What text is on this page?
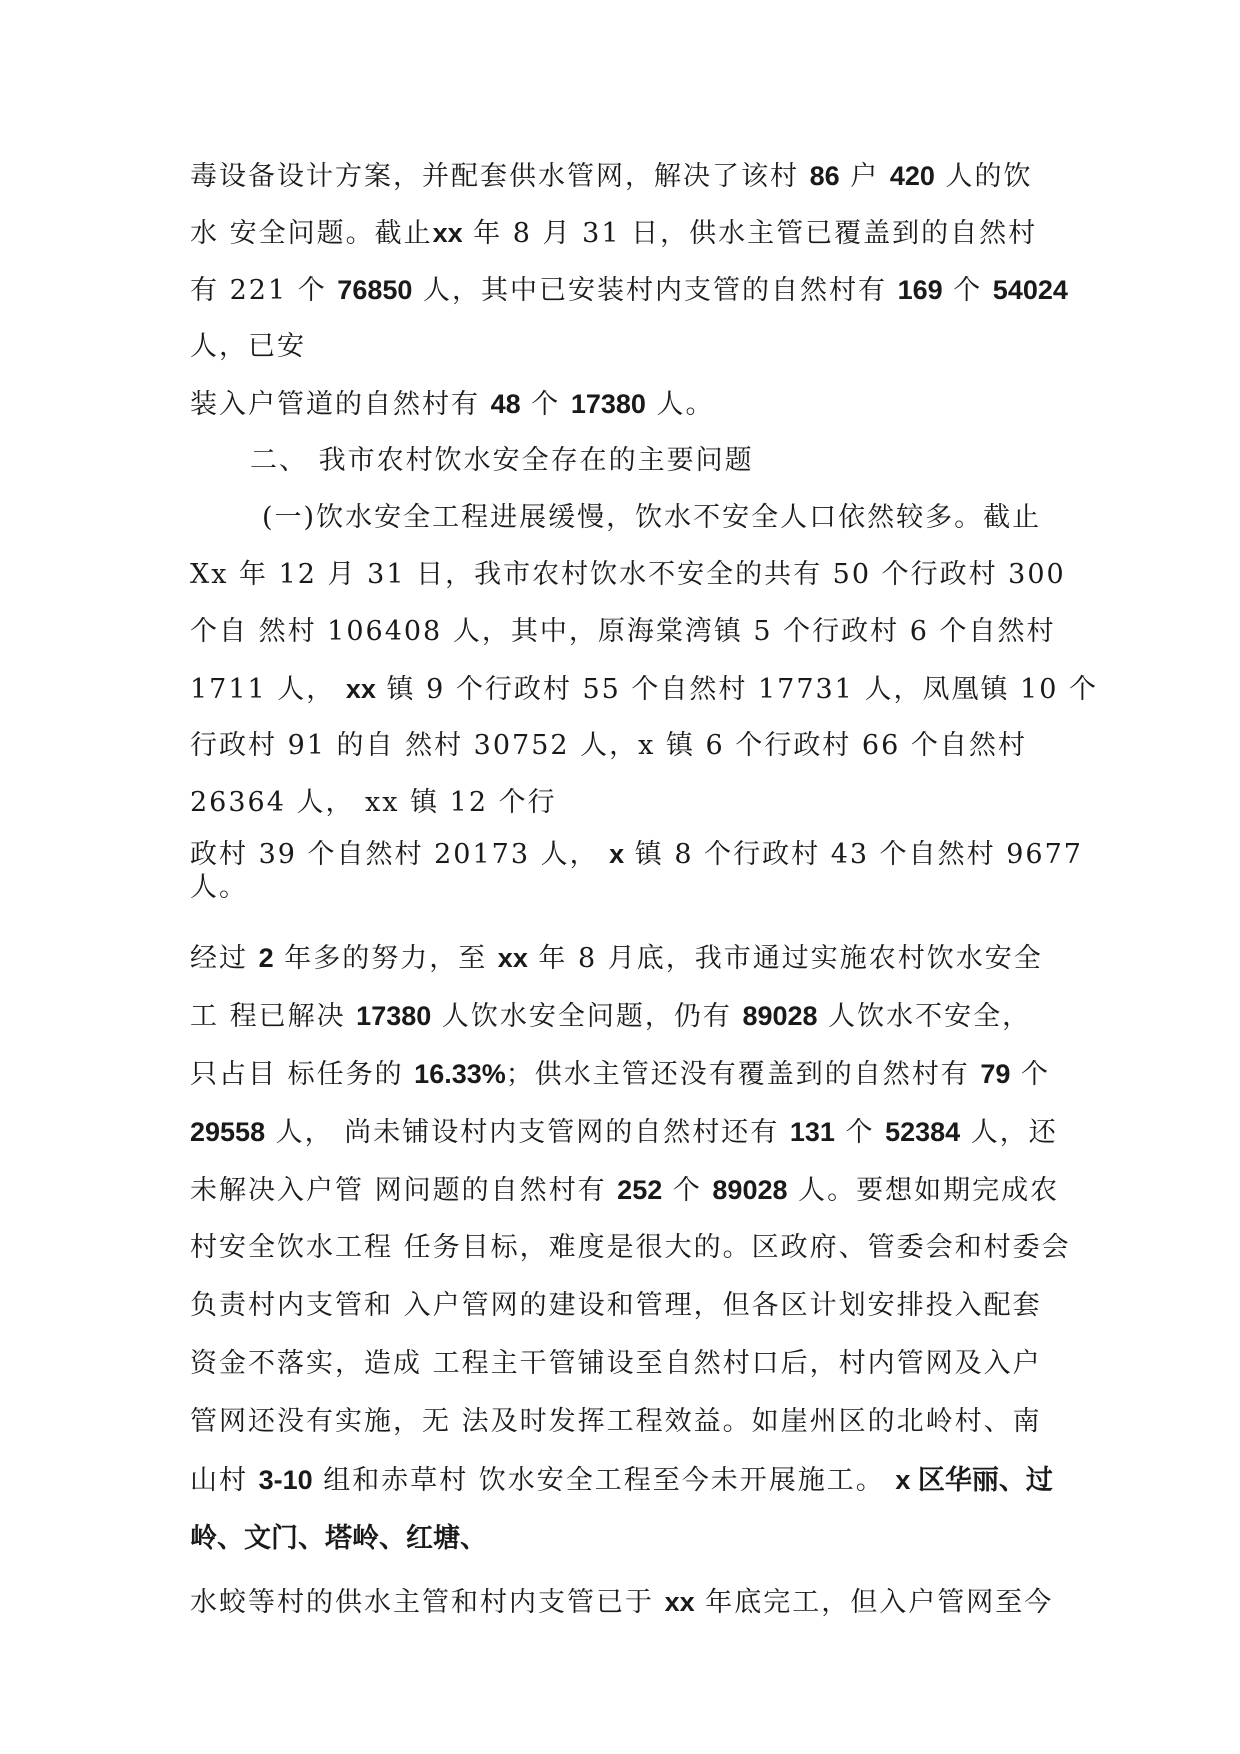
毒设备设计方案，并配套供水管网，解决了该村 86 户 420 人的饮
水 安全问题。截止xx 年 8 月 31 日，供水主管已覆盖到的自然村
有 221 个 76850 人，其中已安装村内支管的自然村有 169 个 54024
人，已安
装入户管道的自然村有 48 个 17380 人。
二、 我市农村饮水安全存在的主要问题
(一)饮水安全工程进展缓慢，饮水不安全人口依然较多。截止
Xx 年 12 月 31 日，我市农村饮水不安全的共有 50 个行政村 300
个自 然村 106408 人，其中，原海棠湾镇 5 个行政村 6 个自然村
1711 人， xx 镇 9 个行政村 55 个自然村 17731 人，凤凰镇 10 个
行政村 91 的自 然村 30752 人，x 镇 6 个行政村 66 个自然村
26364 人， xx 镇 12 个行
政村 39 个自然村 20173 人， x 镇 8 个行政村 43 个自然村 9677
人。
经过 2 年多的努力，至 xx 年 8 月底，我市通过实施农村饮水安全
工 程已解决 17380 人饮水安全问题，仍有 89028 人饮水不安全，
只占目 标任务的 16.33%；供水主管还没有覆盖到的自然村有 79 个
29558 人， 尚未铺设村内支管网的自然村还有 131 个 52384 人，还
未解决入户管 网问题的自然村有 252 个 89028 人。要想如期完成农
村安全饮水工程 任务目标，难度是很大的。区政府、管委会和村委会
负责村内支管和 入户管网的建设和管理，但各区计划安排投入配套
资金不落实，造成 工程主干管铺设至自然村口后，村内管网及入户
管网还没有实施，无 法及时发挥工程效益。如崖州区的北岭村、南
山村 3-10 组和赤草村 饮水安全工程至今未开展施工。 x 区华丽、过
岭、文门、塔岭、红塘、
水蛟等村的供水主管和村内支管已于 xx 年底完工，但入户管网至今
